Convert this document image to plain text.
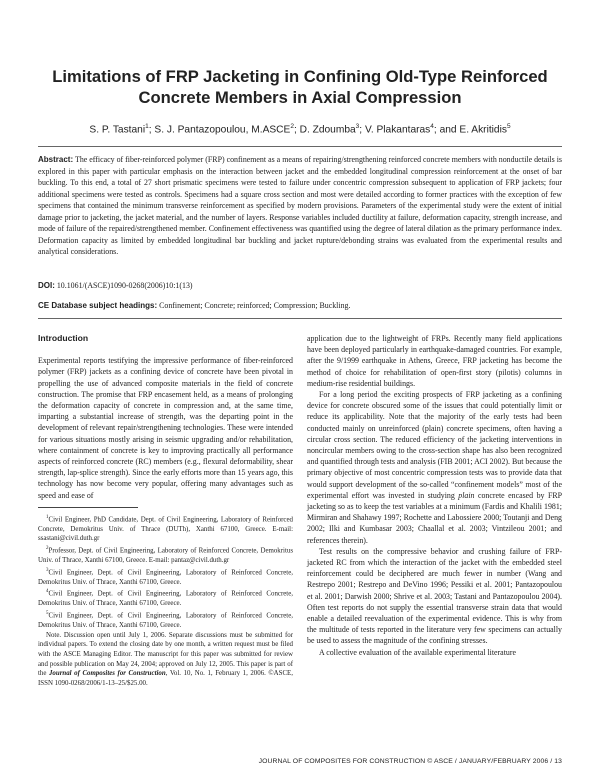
Limitations of FRP Jacketing in Confining Old-Type Reinforced Concrete Members in Axial Compression
S. P. Tastani$^1$; S. J. Pantazopoulou, M.ASCE$^2$; D. Zdoumba$^3$; V. Plakantaras$^4$; and E. Akritidis$^5$
Abstract: The efficacy of fiber-reinforced polymer (FRP) confinement as a means of repairing/strengthening reinforced concrete members with nonductile details is explored in this paper with particular emphasis on the interaction between jacket and the embedded longitudinal compression reinforcement at the onset of bar buckling. To this end, a total of 27 short prismatic specimens were tested to failure under concentric compression subsequent to application of FRP jackets; four additional specimens were tested as controls. Specimens had a square cross section and most were detailed according to former practices with the exception of few specimens that contained the minimum transverse reinforcement as specified by modern provisions. Parameters of the experimental study were the extent of initial damage prior to jacketing, the jacket material, and the number of layers. Response variables included ductility at failure, deformation capacity, strength increase, and mode of failure of the repaired/strengthened member. Confinement effectiveness was quantified using the degree of lateral dilation as the primary performance index. Deformation capacity as limited by embedded longitudinal bar buckling and jacket rupture/debonding strains was evaluated from the experimental results and analytical considerations.
DOI: 10.1061/(ASCE)1090-0268(2006)10:1(13)
CE Database subject headings: Confinement; Concrete; reinforced; Compression; Buckling.
Introduction

Experimental reports testifying the impressive performance of fiber-reinforced polymer (FRP) jackets as a confining device of concrete have been pivotal in propelling the use of advanced composite materials in the field of concrete construction. The promise that FRP encasement held, as a means of prolonging the deformation capacity of concrete in compression and, at the same time, imparting a substantial increase of strength, was the departing point in the development of relevant repair/strengthening technologies. These were intended for various situations mostly arising in seismic upgrading and/or rehabilitation, where containment of concrete is key to improving practically all performance aspects of reinforced concrete (RC) members (e.g., flexural deformability, shear strength, lap-splice strength). Since the early efforts more than 15 years ago, this technology has now become very popular, offering many advantages such as speed and ease of

$^1$Civil Engineer, PhD Candidate, Dept. of Civil Engineering, Laboratory of Reinforced Concrete, Demokritus Univ. of Thrace (DUTh), Xanthi 67100, Greece. E-mail: ssastani@civil.duth.gr

$^2$Professor, Dept. of Civil Engineering, Laboratory of Reinforced Concrete, Demokritus Univ. of Thrace, Xanthi 67100, Greece. E-mail: pantaz@civil.duth.gr

$^3$Civil Engineer, Dept. of Civil Engineering, Laboratory of Reinforced Concrete, Demokritus Univ. of Thrace, Xanthi 67100, Greece.

$^4$Civil Engineer, Dept. of Civil Engineering, Laboratory of Reinforced Concrete, Demokritus Univ. of Thrace, Xanthi 67100, Greece.

$^5$Civil Engineer, Dept. of Civil Engineering, Laboratory of Reinforced Concrete, Demokritus Univ. of Thrace, Xanthi 67100, Greece.

Note. Discussion open until July 1, 2006. Separate discussions must be submitted for individual papers. To extend the closing date by one month, a written request must be filed with the ASCE Managing Editor. The manuscript for this paper was submitted for review and possible publication on May 24, 2004; approved on July 12, 2005. This paper is part of the Journal of Composites for Construction, Vol. 10, No. 1, February 1, 2006. ©ASCE, ISSN 1090-0268/2006/1-13–25/$25.00.

application due to the lightweight of FRPs. Recently many field applications have been deployed particularly in earthquake-damaged countries. For example, after the 9/1999 earthquake in Athens, Greece, FRP jacketing has become the method of choice for rehabilitation of open-first story (pilotis) columns in medium-rise residential buildings.

For a long period the exciting prospects of FRP jacketing as a confining device for concrete obscured some of the issues that could potentially limit or reduce its applicability. Note that the majority of the early tests had been conducted mainly on unreinforced (plain) concrete specimens, often having a circular cross section. The reduced efficiency of the jacketing interventions in noncircular members owing to the cross-section shape has also been recognized and quantified through tests and analysis (FIB 2001; ACI 2002). But because the primary objective of most concentric compression tests was to provide data that would support development of the so-called “confinement models” most of the experimental effort was invested in studying plain concrete encased by FRP jacketing so as to keep the test variables at a minimum (Fardis and Khalili 1981; Mirmiran and Shahawy 1997; Rochette and Labossiere 2000; Toutanji and Deng 2002; Ilki and Kumbasar 2003; Chaallal et al. 2003; Vintzileou 2001; and references therein).

Test results on the compressive behavior and crushing failure of FRP-jacketed RC from which the interaction of the jacket with the embedded steel reinforcement could be deciphered are much fewer in number (Wang and Restrepo 2001; Restrepo and DeVino 1996; Pessiki et al. 2001; Pantazopoulou et al. 2001; Darwish 2000; Shrive et al. 2003; Tastani and Pantazopoulou 2004). Often test reports do not supply the essential transverse strain data that would enable a detailed reevaluation of the experimental evidence. This is why from the multitude of tests reported in the literature very few specimens can actually be used to assess the magnitude of the confining stresses.

A collective evaluation of the available experimental literature

JOURNAL OF COMPOSITES FOR CONSTRUCTION © ASCE / JANUARY/FEBRUARY 2006 / 13
